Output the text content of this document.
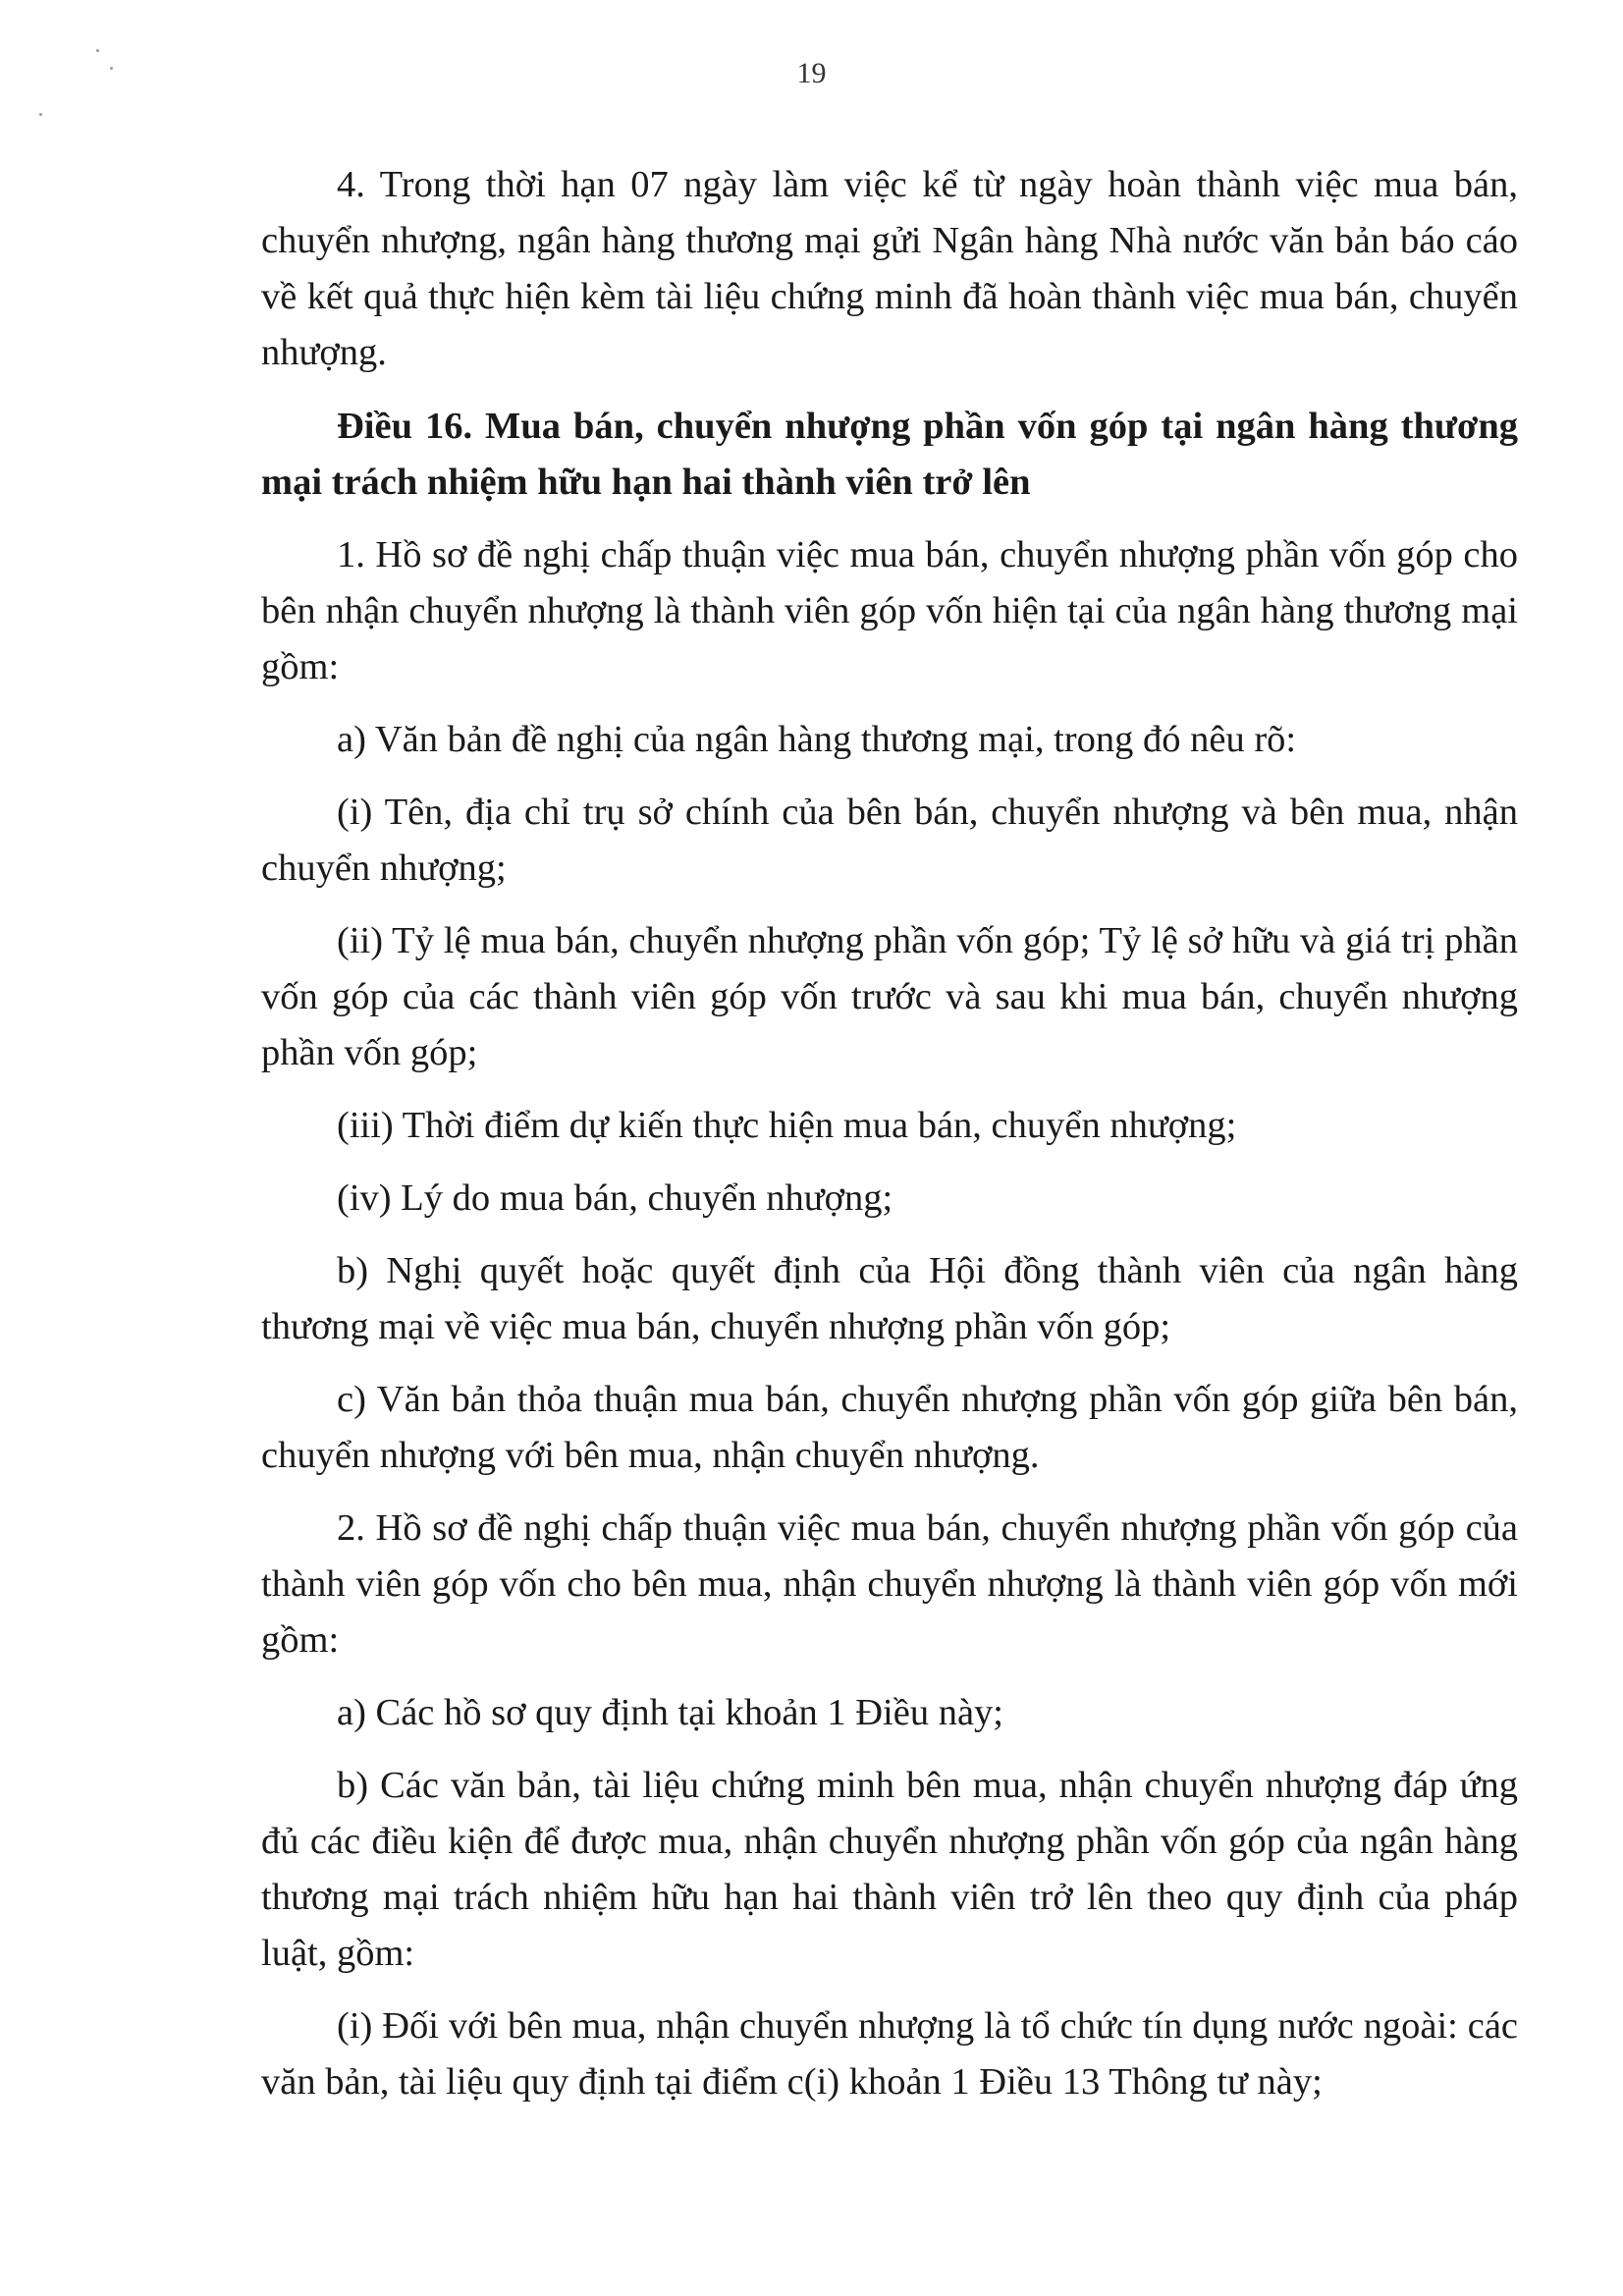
19

4. Trong thời hạn 07 ngày làm việc kể từ ngày hoàn thành việc mua bán, chuyển nhượng, ngân hàng thương mại gửi Ngân hàng Nhà nước văn bản báo cáo về kết quả thực hiện kèm tài liệu chứng minh đã hoàn thành việc mua bán, chuyển nhượng.

Điều 16. Mua bán, chuyển nhượng phần vốn góp tại ngân hàng thương mại trách nhiệm hữu hạn hai thành viên trở lên

1. Hồ sơ đề nghị chấp thuận việc mua bán, chuyển nhượng phần vốn góp cho bên nhận chuyển nhượng là thành viên góp vốn hiện tại của ngân hàng thương mại gồm:

a) Văn bản đề nghị của ngân hàng thương mại, trong đó nêu rõ:

(i) Tên, địa chỉ trụ sở chính của bên bán, chuyển nhượng và bên mua, nhận chuyển nhượng;

(ii) Tỷ lệ mua bán, chuyển nhượng phần vốn góp; Tỷ lệ sở hữu và giá trị phần vốn góp của các thành viên góp vốn trước và sau khi mua bán, chuyển nhượng phần vốn góp;

(iii) Thời điểm dự kiến thực hiện mua bán, chuyển nhượng;

(iv) Lý do mua bán, chuyển nhượng;

b) Nghị quyết hoặc quyết định của Hội đồng thành viên của ngân hàng thương mại về việc mua bán, chuyển nhượng phần vốn góp;

c) Văn bản thỏa thuận mua bán, chuyển nhượng phần vốn góp giữa bên bán, chuyển nhượng với bên mua, nhận chuyển nhượng.

2. Hồ sơ đề nghị chấp thuận việc mua bán, chuyển nhượng phần vốn góp của thành viên góp vốn cho bên mua, nhận chuyển nhượng là thành viên góp vốn mới gồm:

a) Các hồ sơ quy định tại khoản 1 Điều này;

b) Các văn bản, tài liệu chứng minh bên mua, nhận chuyển nhượng đáp ứng đủ các điều kiện để được mua, nhận chuyển nhượng phần vốn góp của ngân hàng thương mại trách nhiệm hữu hạn hai thành viên trở lên theo quy định của pháp luật, gồm:

(i) Đối với bên mua, nhận chuyển nhượng là tổ chức tín dụng nước ngoài: các văn bản, tài liệu quy định tại điểm c(i) khoản 1 Điều 13 Thông tư này;
